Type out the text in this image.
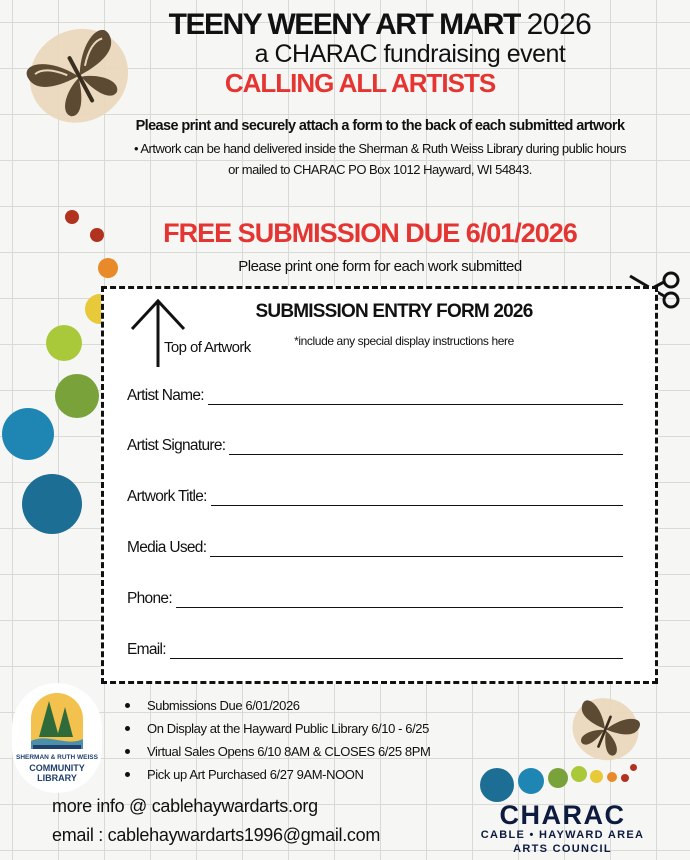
TEENY WEENY ART MART 2026
a CHARAC fundraising event
CALLING ALL ARTISTS
Please print and securely attach a form to the back of each submitted artwork
• Artwork can be hand delivered inside the Sherman & Ruth Weiss Library during public hours
or mailed to CHARAC PO Box 1012 Hayward, WI 54843.
FREE SUBMISSION DUE 6/01/2026
Please print one form for each work submitted
Top of Artwork
SUBMISSION ENTRY FORM 2026
*include any special display instructions here
Artist Name:
Artist Signature:
Artwork Title:
Media Used:
Phone:
Email:
SHERMAN & RUTH WEISS
COMMUNITY
LIBRARY
Submissions Due 6/01/2026
On Display at the Hayward Public Library 6/10 - 6/25
Virtual Sales Opens 6/10 8AM & CLOSES 6/25 8PM
Pick up Art Purchased 6/27 9AM-NOON
more info @ cablehaywardarts.org
email : cablehaywardarts1996@gmail.com
CHARAC
CABLE • HAYWARD AREA
ARTS COUNCIL
